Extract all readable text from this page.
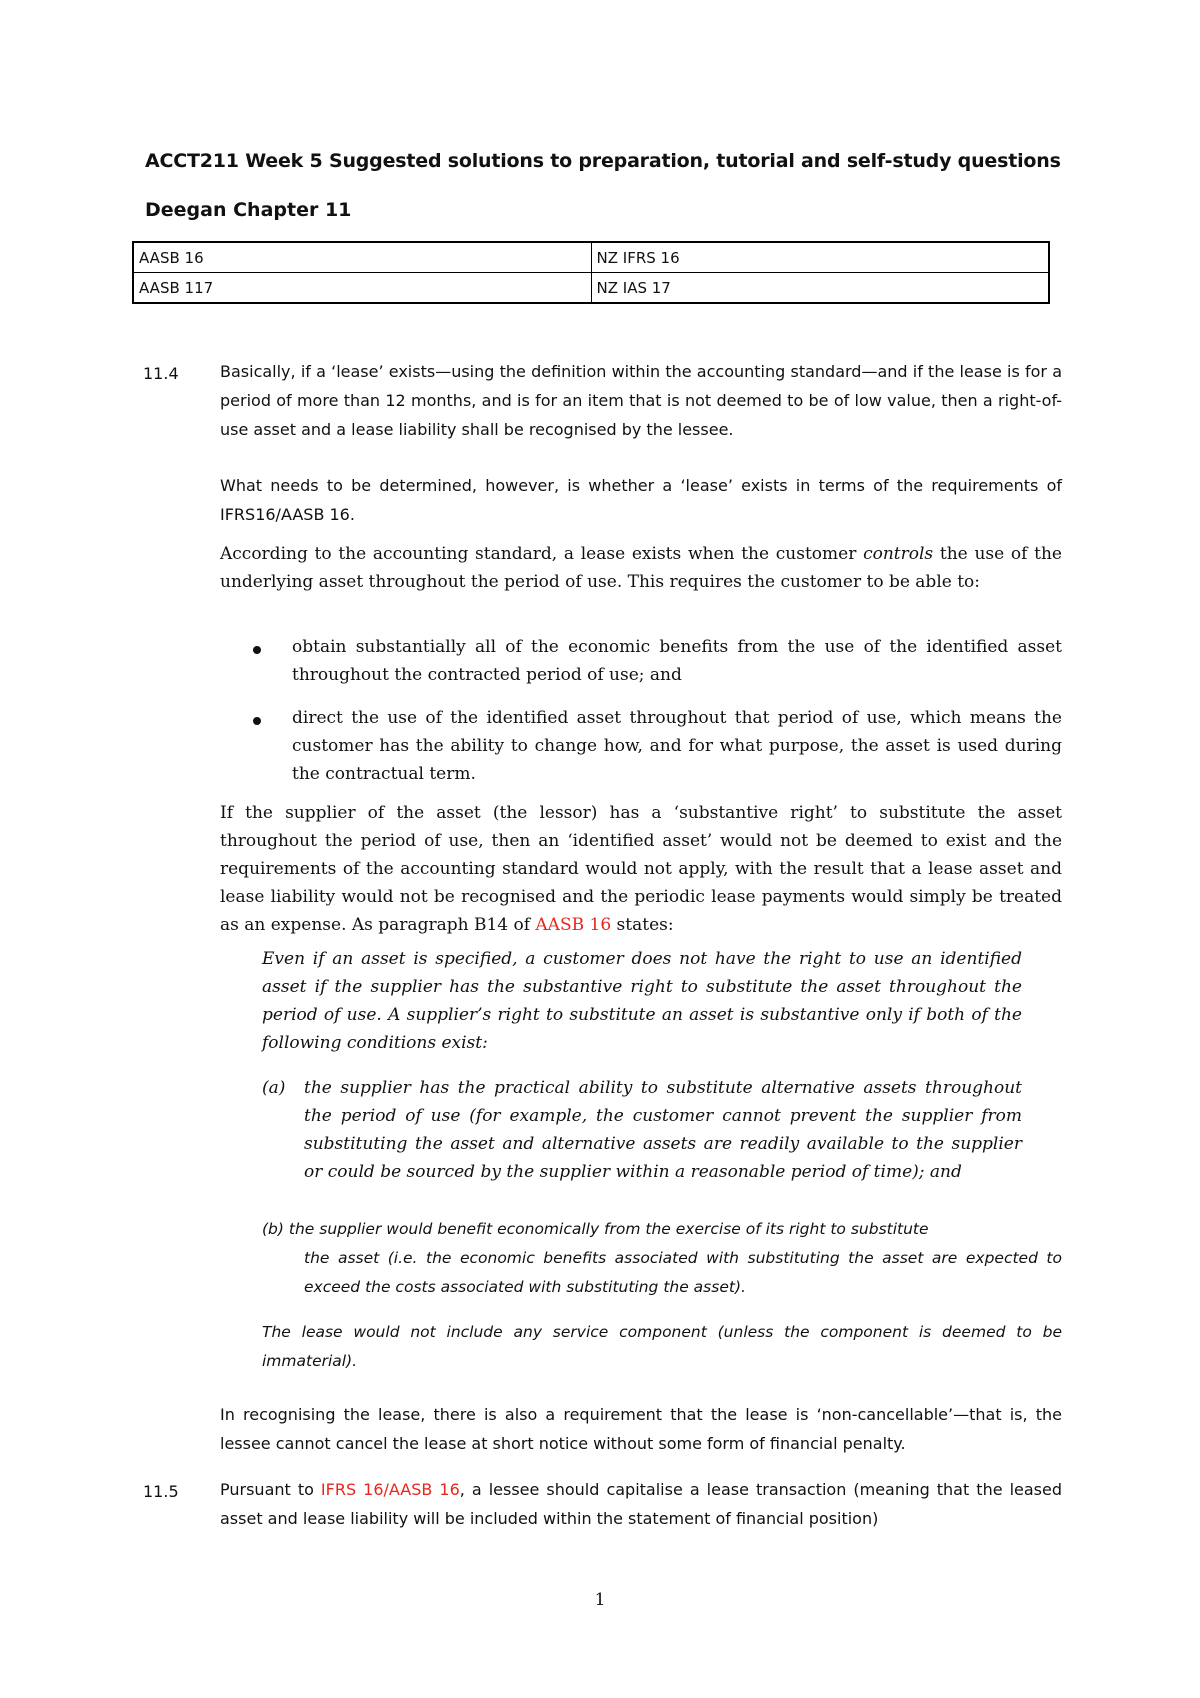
ACCT211 Week 5 Suggested solutions to preparation, tutorial and self-study questions
Deegan Chapter 11
AASB 16	NZ IFRS 16
AASB 117	NZ IAS 17
11.4	Basically, if a ‘lease’ exists—using the definition within the accounting standard—and if the lease is for a period of more than 12 months, and is for an item that is not deemed to be of low value, then a right-of-use asset and a lease liability shall be recognised by the lessee.
What needs to be determined, however, is whether a ‘lease’ exists in terms of the requirements of IFRS16/AASB 16.
According to the accounting standard, a lease exists when the customer controls the use of the underlying asset throughout the period of use. This requires the customer to be able to:
obtain substantially all of the economic benefits from the use of the identified asset throughout the contracted period of use; and
direct the use of the identified asset throughout that period of use, which means the customer has the ability to change how, and for what purpose, the asset is used during the contractual term.
If the supplier of the asset (the lessor) has a ‘substantive right’ to substitute the asset throughout the period of use, then an ‘identified asset’ would not be deemed to exist and the requirements of the accounting standard would not apply, with the result that a lease asset and lease liability would not be recognised and the periodic lease payments would simply be treated as an expense. As paragraph B14 of AASB 16 states:
Even if an asset is specified, a customer does not have the right to use an identified asset if the supplier has the substantive right to substitute the asset throughout the period of use. A supplier’s right to substitute an asset is substantive only if both of the following conditions exist:
(a) the supplier has the practical ability to substitute alternative assets throughout the period of use (for example, the customer cannot prevent the supplier from substituting the asset and alternative assets are readily available to the supplier or could be sourced by the supplier within a reasonable period of time); and
(b) the supplier would benefit economically from the exercise of its right to substitute
the asset (i.e. the economic benefits associated with substituting the asset are expected to exceed the costs associated with substituting the asset).
The lease would not include any service component (unless the component is deemed to be immaterial).
In recognising the lease, there is also a requirement that the lease is ‘non-cancellable’—that is, the lessee cannot cancel the lease at short notice without some form of financial penalty.
11.5	Pursuant to IFRS 16/AASB 16, a lessee should capitalise a lease transaction (meaning that the leased asset and lease liability will be included within the statement of financial position)
1
